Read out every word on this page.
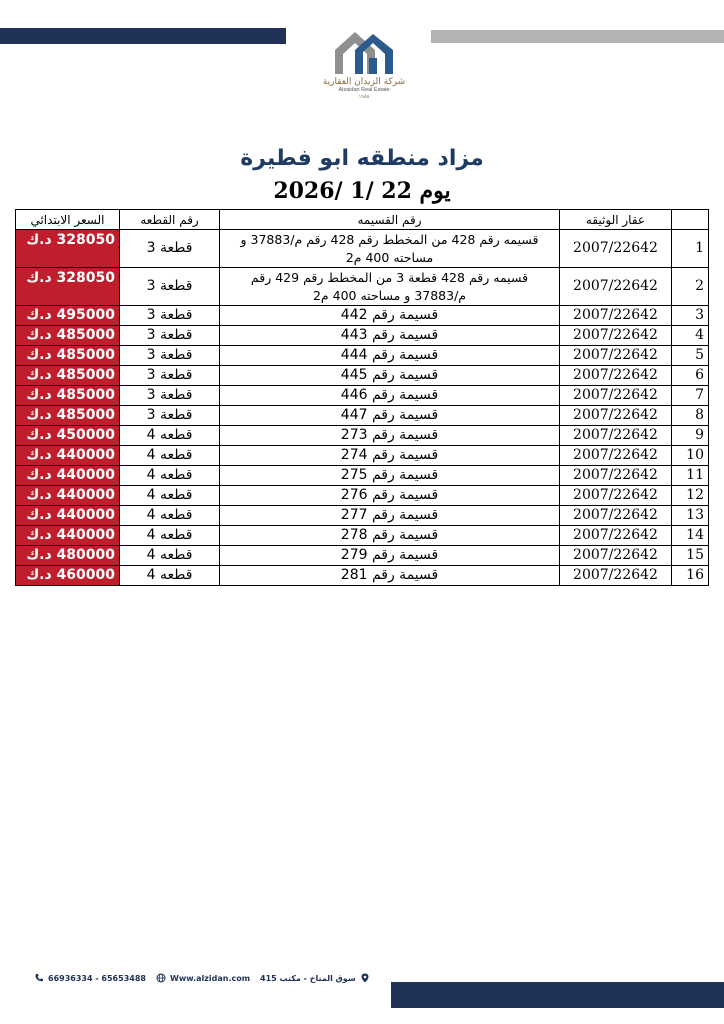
شركة الزيدان العقارية
Alzaidan Real Estate
١٩٨٨
مزاد منطقه ابو فطيرة
يوم 22 /1 /2026
	عقار الوثيقه	رقم القسيمه	رقم القطعه	السعر الابتدائي
1	2007/22642	قسيمه رقم 428 من المخطط رقم 428 رقم م/37883 و مساحته 400 م2	قطعة 3	328050 د.ك
2	2007/22642	قسيمه رقم 428 قطعة 3 من المخطط رقم 429 رقم م/37883 و مساحته 400 م2	قطعة 3	328050 د.ك
3	2007/22642	قسيمة رقم 442	قطعة 3	495000 د.ك
4	2007/22642	قسيمة رقم 443	قطعة 3	485000 د.ك
5	2007/22642	قسيمة رقم 444	قطعة 3	485000 د.ك
6	2007/22642	قسيمة رقم 445	قطعة 3	485000 د.ك
7	2007/22642	قسيمة رقم 446	قطعة 3	485000 د.ك
8	2007/22642	قسيمة رقم 447	قطعة 3	485000 د.ك
9	2007/22642	قسيمة رقم 273	قطعه 4	450000 د.ك
10	2007/22642	قسيمة رقم 274	قطعه 4	440000 د.ك
11	2007/22642	قسيمة رقم 275	قطعه 4	440000 د.ك
12	2007/22642	قسيمة رقم 276	قطعه 4	440000 د.ك
13	2007/22642	قسيمة رقم 277	قطعه 4	440000 د.ك
14	2007/22642	قسيمة رقم 278	قطعه 4	440000 د.ك
15	2007/22642	قسيمة رقم 279	قطعه 4	480000 د.ك
16	2007/22642	قسيمة رقم 281	قطعه 4	460000 د.ك
66936334 - 65653488	Www.alzidan.com سوق المناخ - مكتب 415
